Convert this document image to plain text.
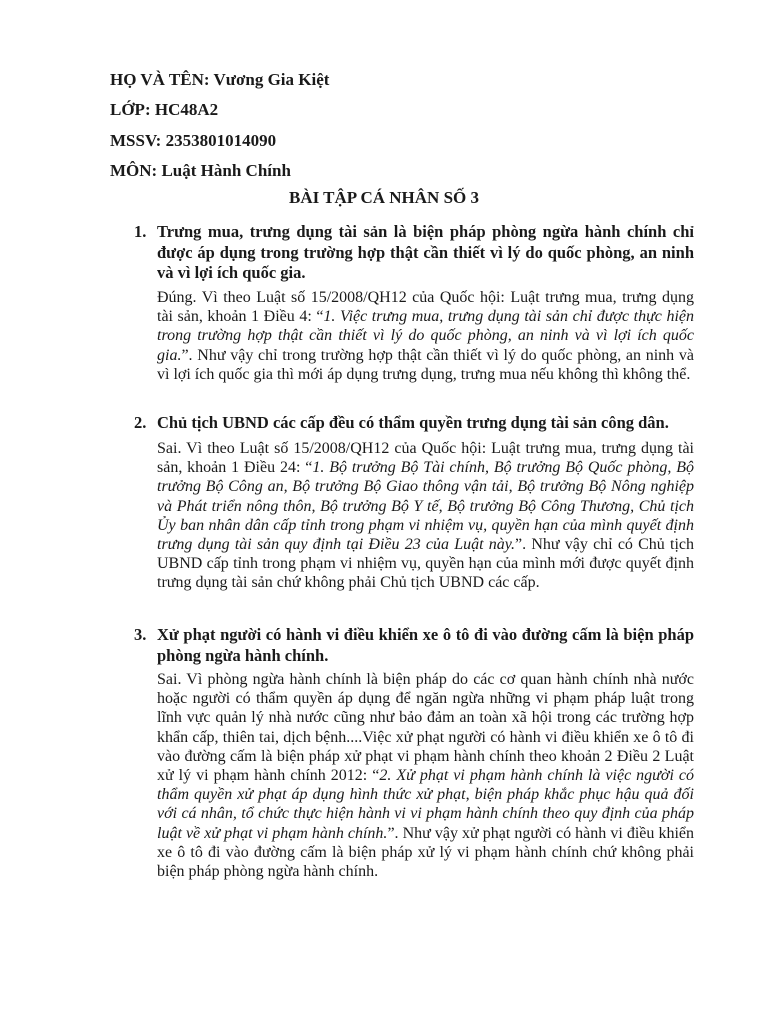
HỌ VÀ TÊN: Vương Gia Kiệt
LỚP: HC48A2
MSSV: 2353801014090
MÔN: Luật Hành Chính
BÀI TẬP CÁ NHÂN SỐ 3
1. Trưng mua, trưng dụng tài sản là biện pháp phòng ngừa hành chính chỉ được áp dụng trong trường hợp thật cần thiết vì lý do quốc phòng, an ninh và vì lợi ích quốc gia.
Đúng. Vì theo Luật số 15/2008/QH12 của Quốc hội: Luật trưng mua, trưng dụng tài sản, khoản 1 Điều 4: “1. Việc trưng mua, trưng dụng tài sản chỉ được thực hiện trong trường hợp thật cần thiết vì lý do quốc phòng, an ninh và vì lợi ích quốc gia.”. Như vậy chỉ trong trường hợp thật cần thiết vì lý do quốc phòng, an ninh và vì lợi ích quốc gia thì mới áp dụng trưng dụng, trưng mua nếu không thì không thể.
2. Chủ tịch UBND các cấp đều có thẩm quyền trưng dụng tài sản công dân.
Sai. Vì theo Luật số 15/2008/QH12 của Quốc hội: Luật trưng mua, trưng dụng tài sản, khoản 1 Điều 24: “1. Bộ trưởng Bộ Tài chính, Bộ trưởng Bộ Quốc phòng, Bộ trưởng Bộ Công an, Bộ trưởng Bộ Giao thông vận tải, Bộ trưởng Bộ Nông nghiệp và Phát triển nông thôn, Bộ trưởng Bộ Y tế, Bộ trưởng Bộ Công Thương, Chủ tịch Ủy ban nhân dân cấp tỉnh trong phạm vi nhiệm vụ, quyền hạn của mình quyết định trưng dụng tài sản quy định tại Điều 23 của Luật này.”. Như vậy chỉ có Chủ tịch UBND cấp tỉnh trong phạm vi nhiệm vụ, quyền hạn của mình mới được quyết định trưng dụng tài sản chứ không phải Chủ tịch UBND các cấp.
3. Xử phạt người có hành vi điều khiển xe ô tô đi vào đường cấm là biện pháp phòng ngừa hành chính.
Sai. Vì phòng ngừa hành chính là biện pháp do các cơ quan hành chính nhà nước hoặc người có thẩm quyền áp dụng để ngăn ngừa những vi phạm pháp luật trong lĩnh vực quản lý nhà nước cũng như bảo đảm an toàn xã hội trong các trường hợp khẩn cấp, thiên tai, dịch bệnh....Việc xử phạt người có hành vi điều khiển xe ô tô đi vào đường cấm là biện pháp xử phạt vi phạm hành chính theo khoản 2 Điều 2 Luật xử lý vi phạm hành chính 2012: “2. Xử phạt vi phạm hành chính là việc người có thẩm quyền xử phạt áp dụng hình thức xử phạt, biện pháp khắc phục hậu quả đối với cá nhân, tổ chức thực hiện hành vi vi phạm hành chính theo quy định của pháp luật về xử phạt vi phạm hành chính.”. Như vậy xử phạt người có hành vi điều khiển xe ô tô đi vào đường cấm là biện pháp xử lý vi phạm hành chính chứ không phải biện pháp phòng ngừa hành chính.
